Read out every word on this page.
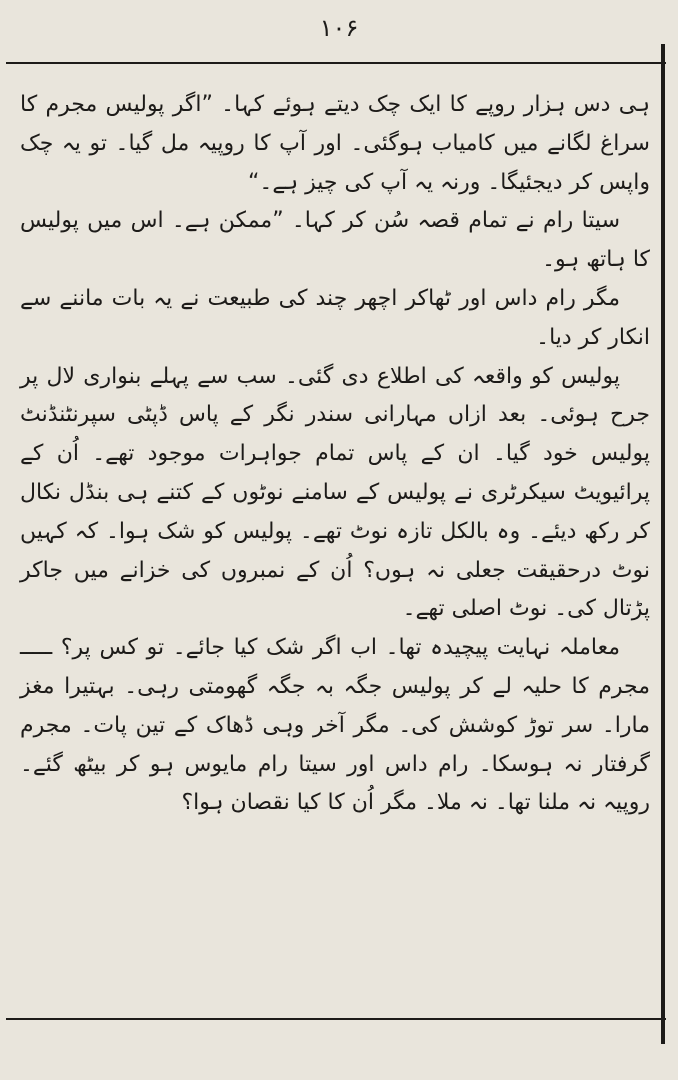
۱۰۶

ہی دس ہزار روپے کا ایک چک دیتے ہوئے کہا۔ ”اگر پولیس مجرم کا سراغ لگانے میں کامیاب ہوگئی۔ اور آپ کا روپیہ مل گیا۔ تو یہ چک واپس کر دیجئیگا۔ ورنہ یہ آپ کی چیز ہے۔“

سیتا رام نے تمام قصہ سُن کر کہا۔ ”ممکن ہے۔ اس میں پولیس کا ہاتھ ہو۔

مگر رام داس اور ٹھاکر اچھر چند کی طبیعت نے یہ بات ماننے سے انکار کر دیا۔

پولیس کو واقعہ کی اطلاع دی گئی۔ سب سے پہلے بنواری لال پر جرح ہوئی۔ بعد ازاں مہارانی سندر نگر کے پاس ڈپٹی سپرنٹنڈنٹ پولیس خود گیا۔ ان کے پاس تمام جواہرات موجود تھے۔ اُن کے پرائیویٹ سیکرٹری نے پولیس کے سامنے نوٹوں کے کتنے ہی بنڈل نکال کر رکھ دیئے۔ وہ بالکل تازہ نوٹ تھے۔ پولیس کو شک ہوا۔ کہ کہیں نوٹ درحقیقت جعلی نہ ہوں؟ اُن کے نمبروں کی خزانے میں جاکر پڑتال کی۔ نوٹ اصلی تھے۔

معاملہ نہایت پیچیدہ تھا۔ اب اگر شک کیا جائے۔ تو کس پر؟ ـــــ مجرم کا حلیہ لے کر پولیس جگہ بہ جگہ گھومتی رہی۔ بہتیرا مغز مارا۔ سر توڑ کوشش کی۔ مگر آخر وہی ڈھاک کے تین پات۔ مجرم گرفتار نہ ہوسکا۔ رام داس اور سیتا رام مایوس ہو کر بیٹھ گئے۔ روپیہ نہ ملنا تھا۔ نہ ملا۔ مگر اُن کا کیا نقصان ہوا؟
